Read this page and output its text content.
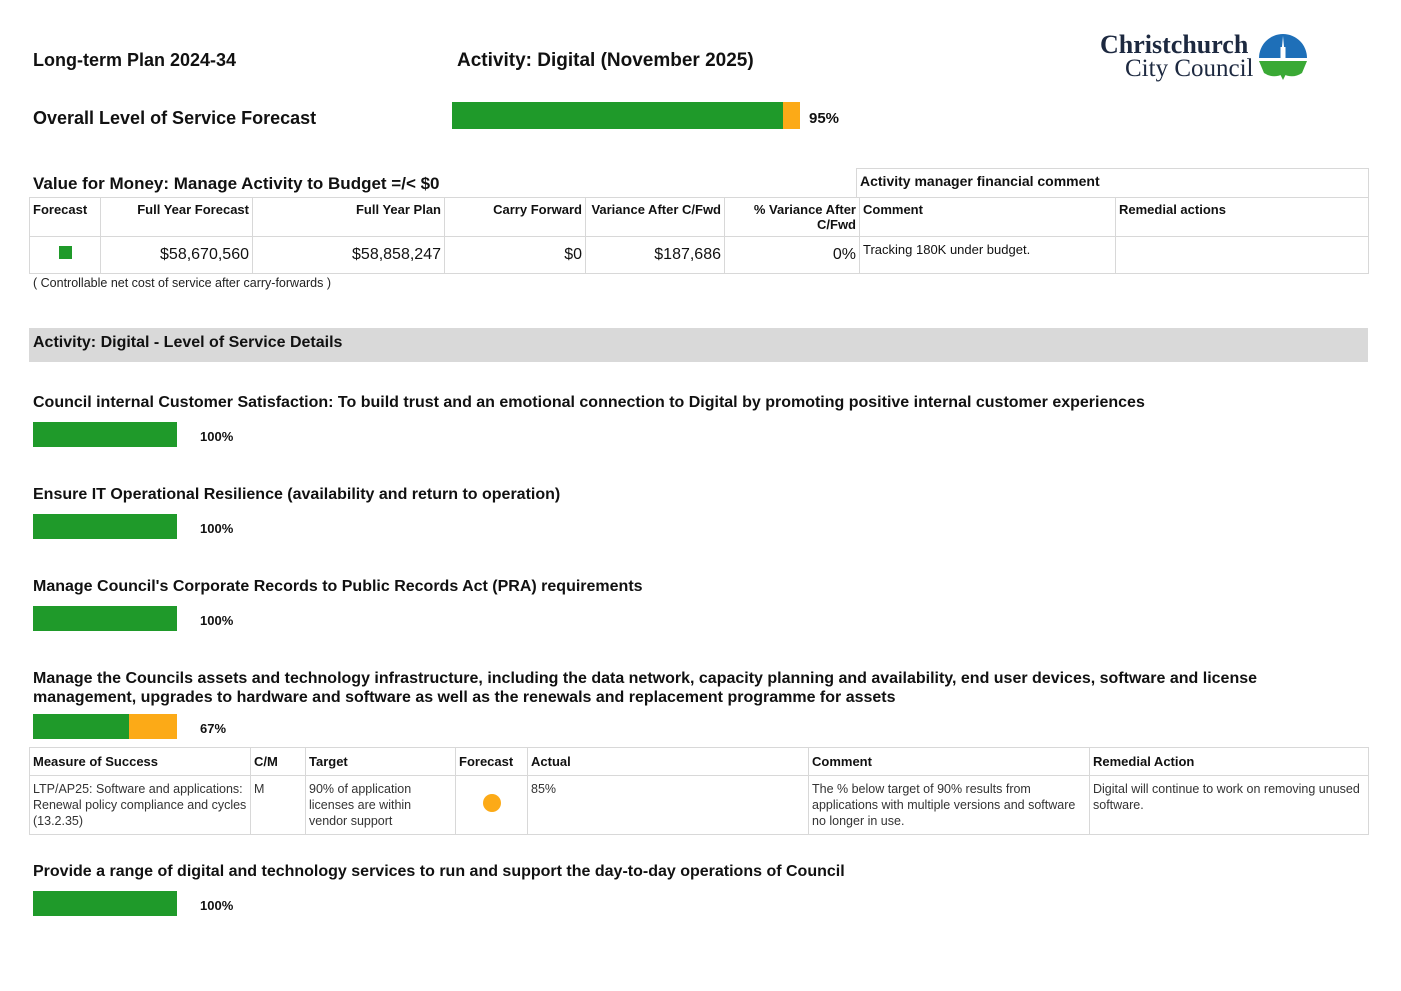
Long-term Plan 2024-34	Activity: Digital (November 2025)
Christchurch
City Council
Overall Level of Service Forecast	95%
Value for Money: Manage Activity to Budget =/< $0	Activity manager financial comment
Forecast	Full Year Forecast	Full Year Plan	Carry Forward	Variance After C/Fwd	% Variance After C/Fwd	Comment	Remedial actions
	$58,670,560	$58,858,247	$0	$187,686	0%	Tracking 180K under budget.	
( Controllable net cost of service after carry-forwards )
Activity: Digital - Level of Service Details
Council internal Customer Satisfaction: To build trust and an emotional connection to Digital by promoting positive internal customer experiences
100%
Ensure IT Operational Resilience (availability and return to operation)
100%
Manage Council's Corporate Records to Public Records Act (PRA) requirements
100%
Manage the Councils assets and technology infrastructure, including the data network, capacity planning and availability, end user devices, software and license management, upgrades to hardware and software as well as the renewals and replacement programme for assets
67%
Measure of Success	C/M	Target	Forecast	Actual	Comment	Remedial Action
LTP/AP25: Software and applications: Renewal policy compliance and cycles (13.2.35)	M	90% of application licenses are within vendor support		85%	The % below target of 90% results from applications with multiple versions and software no longer in use.	Digital will continue to work on removing unused software.
Provide a range of digital and technology services to run and support the day-to-day operations of Council
100%
